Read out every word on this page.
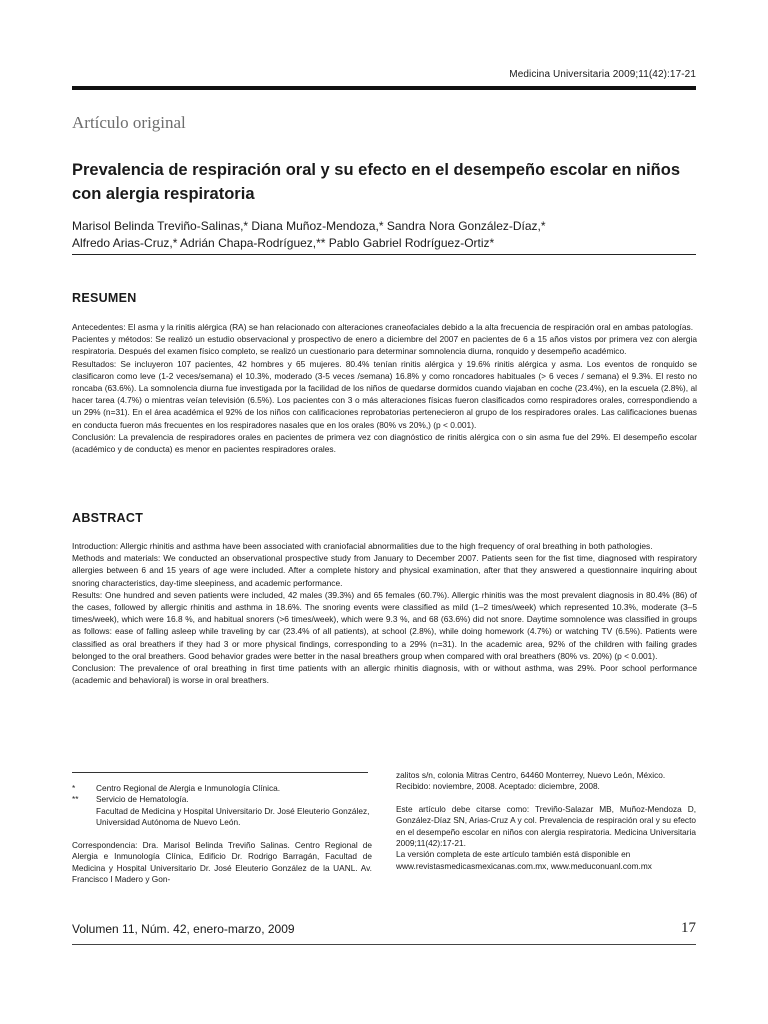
Medicina Universitaria 2009;11(42):17-21
Artículo original
Prevalencia de respiración oral y su efecto en el desempeño escolar en niños con alergia respiratoria
Marisol Belinda Treviño-Salinas,* Diana Muñoz-Mendoza,* Sandra Nora González-Díaz,*
Alfredo Arias-Cruz,* Adrián Chapa-Rodríguez,** Pablo Gabriel Rodríguez-Ortiz*
RESUMEN

Antecedentes: El asma y la rinitis alérgica (RA) se han relacionado con alteraciones craneofaciales debido a la alta frecuencia de respiración oral en ambas patologías.

Pacientes y métodos: Se realizó un estudio observacional y prospectivo de enero a diciembre del 2007 en pacientes de 6 a 15 años vistos por primera vez con alergia respiratoria. Después del examen físico completo, se realizó un cuestionario para determinar somnolencia diurna, ronquido y desempeño académico.

Resultados: Se incluyeron 107 pacientes, 42 hombres y 65 mujeres. 80.4% tenían rinitis alérgica y 19.6% rinitis alérgica y asma. Los eventos de ronquido se clasificaron como leve (1-2 veces/semana) el 10.3%, moderado (3-5 veces /semana) 16.8% y como roncadores habituales (> 6 veces / semana) el 9.3%. El resto no roncaba (63.6%). La somnolencia diurna fue investigada por la facilidad de los niños de quedarse dormidos cuando viajaban en coche (23.4%), en la escuela (2.8%), al hacer tarea (4.7%) o mientras veían televisión (6.5%). Los pacientes con 3 o más alteraciones físicas fueron clasificados como respiradores orales, correspondiendo a un 29% (n=31). En el área académica el 92% de los niños con calificaciones reprobatorias pertenecieron al grupo de los respiradores orales. Las calificaciones buenas en conducta fueron más frecuentes en los respiradores nasales que en los orales (80% vs 20%,) (p < 0.001).

Conclusión: La prevalencia de respiradores orales en pacientes de primera vez con diagnóstico de rinitis alérgica con o sin asma fue del 29%. El desempeño escolar (académico y de conducta) es menor en pacientes respiradores orales.

ABSTRACT

Introduction: Allergic rhinitis and asthma have been associated with craniofacial abnormalities due to the high frequency of oral breathing in both pathologies.

Methods and materials: We conducted an observational prospective study from January to December 2007. Patients seen for the fist time, diagnosed with respiratory allergies between 6 and 15 years of age were included. After a complete history and physical examination, after that they answered a questionnaire inquiring about snoring characteristics, day-time sleepiness, and academic performance.

Results: One hundred and seven patients were included, 42 males (39.3%) and 65 females (60.7%). Allergic rhinitis was the most prevalent diagnosis in 80.4% (86) of the cases, followed by allergic rhinitis and asthma in 18.6%. The snoring events were classified as mild (1–2 times/week) which represented 10.3%, moderate (3–5 times/week), which were 16.8 %, and habitual snorers (>6 times/week), which were 9.3 %, and 68 (63.6%) did not snore. Daytime somnolence was classified in groups as follows: ease of falling asleep while traveling by car (23.4% of all patients), at school (2.8%), while doing homework (4.7%) or watching TV (6.5%). Patients were classified as oral breathers if they had 3 or more physical findings, corresponding to a 29% (n=31). In the academic area, 92% of the children with failing grades belonged to the oral breathers. Good behavior grades were better in the nasal breathers group when compared with oral breathers (80% vs. 20%) (p < 0.001).

Conclusion: The prevalence of oral breathing in first time patients with an allergic rhinitis diagnosis, with or without asthma, was 29%. Poor school performance (academic and behavioral) is worse in oral breathers.

*	Centro Regional de Alergia e Inmunología Clínica.
**	Servicio de Hematología.
Facultad de Medicina y Hospital Universitario Dr. José Eleuterio González, Universidad Autónoma de Nuevo León.
Correspondencia: Dra. Marisol Belinda Treviño Salinas. Centro Regional de Alergia e Inmunología Clínica, Edificio Dr. Rodrigo Barragán, Facultad de Medicina y Hospital Universitario Dr. José Eleuterio González de la UANL. Av. Francisco I Madero y Gon-

zalitos s/n, colonia Mitras Centro, 64460 Monterrey, Nuevo León, México.

Recibido: noviembre, 2008. Aceptado: diciembre, 2008.

Este artículo debe citarse como: Treviño-Salazar MB, Muñoz-Mendoza D, González-Díaz SN, Arias-Cruz A y col. Prevalencia de respiración oral y su efecto en el desempeño escolar en niños con alergia respiratoria. Medicina Universitaria 2009;11(42):17-21.

La versión completa de este artículo también está disponible en www.revistasmedicasmexicanas.com.mx, www.meduconuanl.com.mx

Volumen 11, Núm. 42, enero-marzo, 2009	17
